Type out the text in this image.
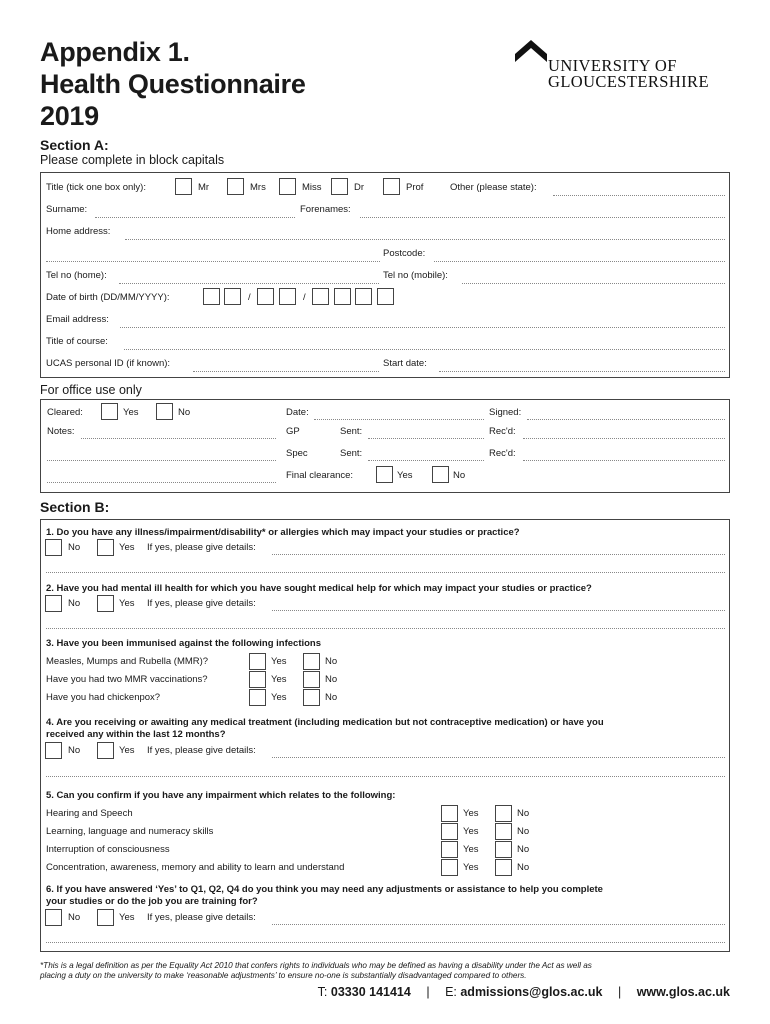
Appendix 1.
Health Questionnaire
2019
UNIVERSITY OF
GLOUCESTERSHIRE
Section A:
Please complete in block capitals
Title (tick one box only):	Mr	Mrs	Miss	Dr	Prof	Other (please state):
Surname:	Forenames:
Home address:
Postcode:
Tel no (home):	Tel no (mobile):
Date of birth (DD/MM/YYYY):	/	/
Email address:
Title of course:
UCAS personal ID (if known):	Start date:
For office use only
Cleared:	Yes	No	Date:	Signed:
Notes:	GP	Sent:	Rec'd:
Spec	Sent:	Rec'd:
Final clearance:	Yes	No
Section B:
1. Do you have any illness/impairment/disability* or allergies which may impact your studies or practice?
No	Yes If yes, please give details:
2. Have you had mental ill health for which you have sought medical help for which may impact your studies or practice?
No	Yes If yes, please give details:
3. Have you been immunised against the following infections
Measles, Mumps and Rubella (MMR)?	Yes	No
Have you had two MMR vaccinations?	Yes	No
Have you had chickenpox?	Yes	No
4. Are you receiving or awaiting any medical treatment (including medication but not contraceptive medication) or have you
received any within the last 12 months?
No	Yes If yes, please give details:
5. Can you confirm if you have any impairment which relates to the following:
Hearing and Speech	Yes	No
Learning, language and numeracy skills	Yes	No
Interruption of consciousness	Yes	No
Concentration, awareness, memory and ability to learn and understand	Yes	No
6. If you have answered ‘Yes’ to Q1, Q2, Q4 do you think you may need any adjustments or assistance to help you complete
your studies or do the job you are training for?
No	Yes If yes, please give details:
*This is a legal definition as per the Equality Act 2010 that confers rights to individuals who may be defined as having a disability under the Act as well as
placing a duty on the university to make ‘reasonable adjustments’ to ensure no-one is substantially disadvantaged compared to others.
T: 03330 141414 | E: admissions@glos.ac.uk | www.glos.ac.uk
